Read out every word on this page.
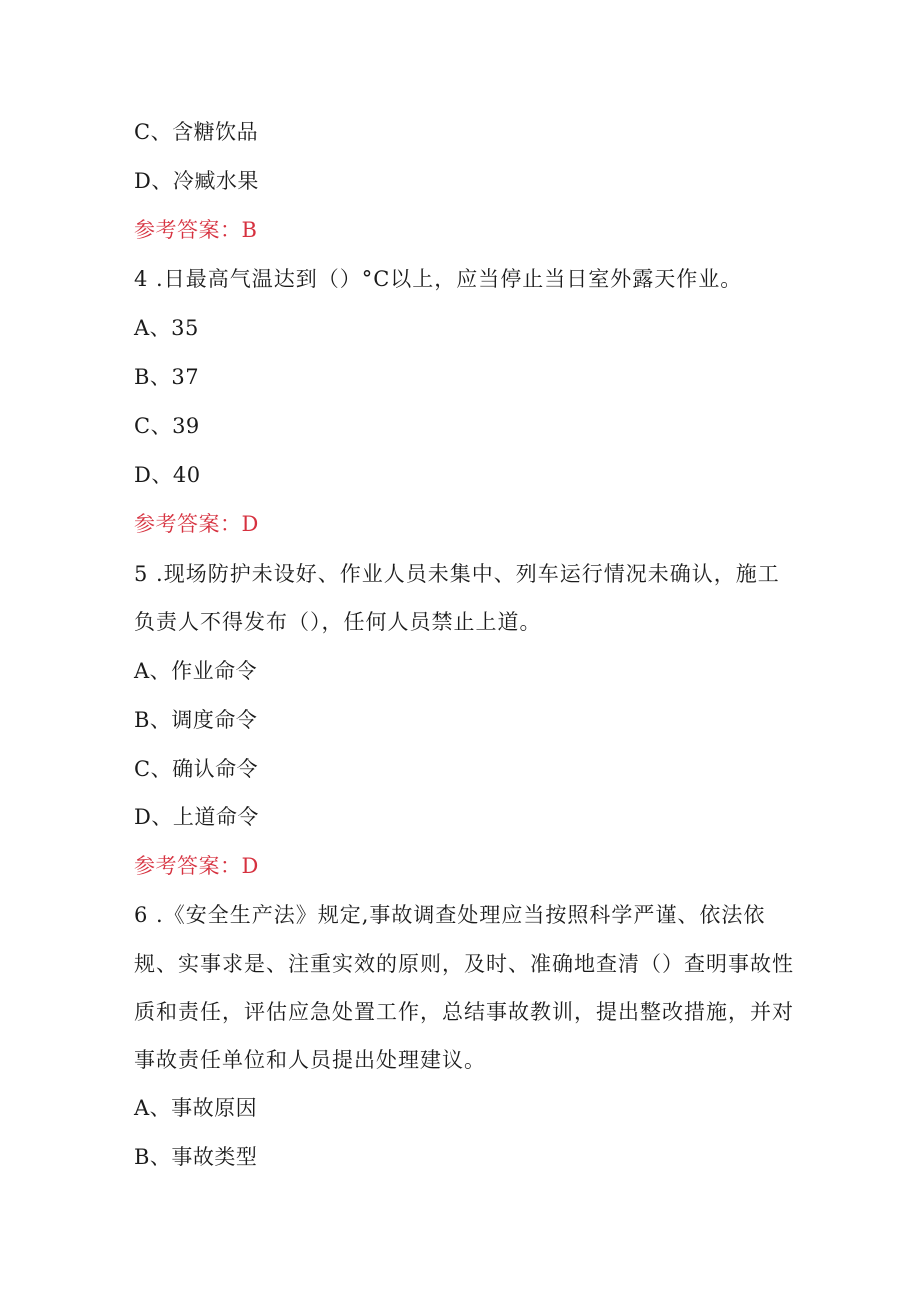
C、含糖饮品
D、冷臧水果
参考答案：B
4 .日最高气温达到（）°C以上，应当停止当日室外露天作业。
A、35
B、37
C、39
D、40
参考答案：D
5 .现场防护未设好、作业人员未集中、列车运行情况未确认，施工
负责人不得发布（），任何人员禁止上道。
A、作业命令
B、调度命令
C、确认命令
D、上道命令
参考答案：D
6 .《安全生产法》规定,事故调查处理应当按照科学严谨、依法依
规、实事求是、注重实效的原则，及时、准确地查清（）查明事故性
质和责任，评估应急处置工作，总结事故教训，提出整改措施，并对
事故责任单位和人员提出处理建议。
A、事故原因
B、事故类型
